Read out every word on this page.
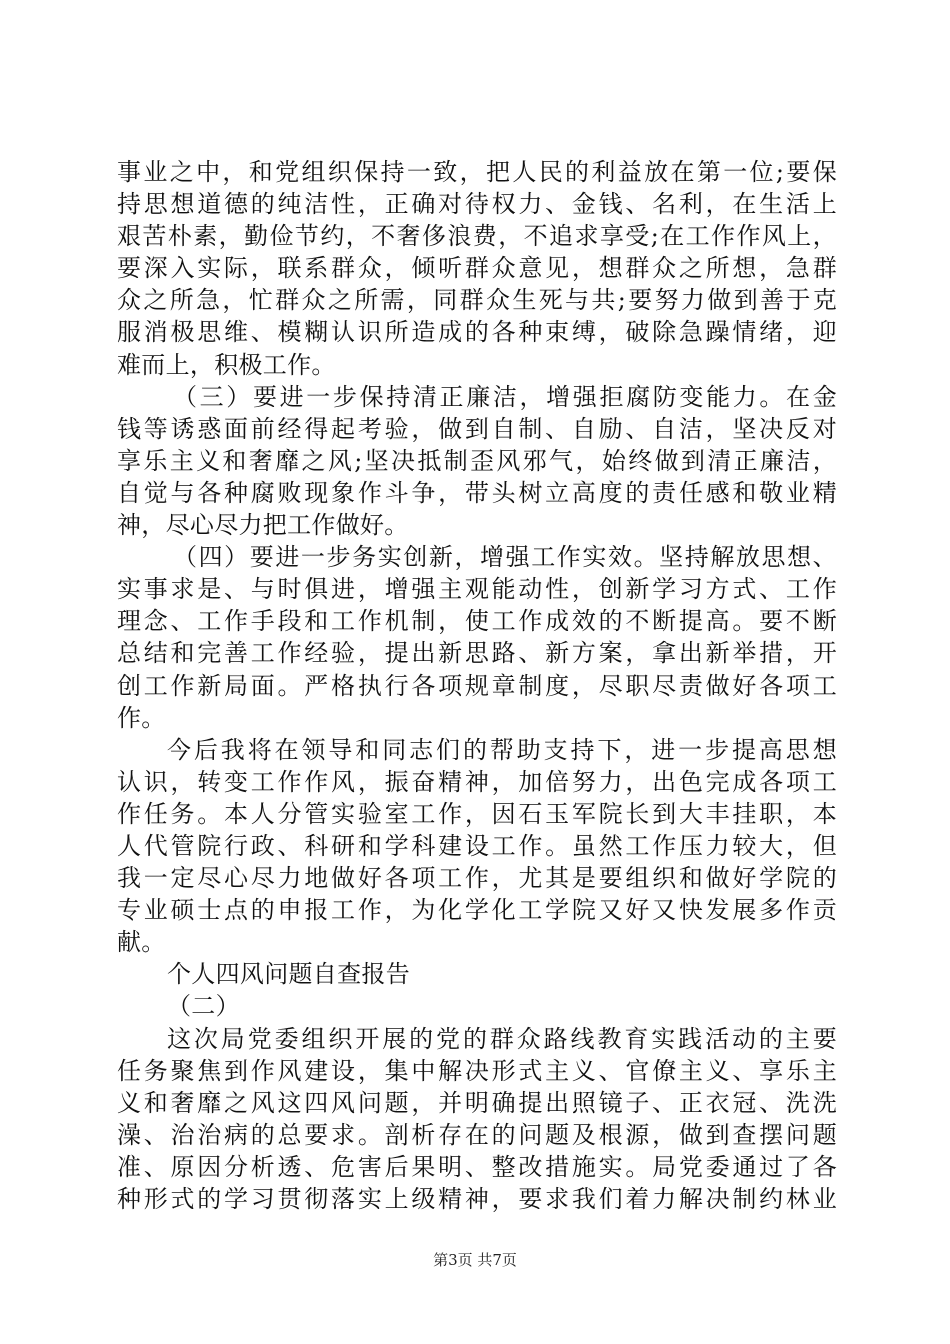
事业之中，和党组织保持一致，把人民的利益放在第一位;要保
持思想道德的纯洁性，正确对待权力、金钱、名利，在生活上
艰苦朴素，勤俭节约，不奢侈浪费，不追求享受;在工作作风上，
要深入实际，联系群众，倾听群众意见，想群众之所想，急群
众之所急，忙群众之所需，同群众生死与共;要努力做到善于克
服消极思维、模糊认识所造成的各种束缚，破除急躁情绪，迎
难而上，积极工作。
（三）要进一步保持清正廉洁，增强拒腐防变能力。在金
钱等诱惑面前经得起考验，做到自制、自励、自洁，坚决反对
享乐主义和奢靡之风;坚决抵制歪风邪气，始终做到清正廉洁，
自觉与各种腐败现象作斗争，带头树立高度的责任感和敬业精
神，尽心尽力把工作做好。
（四）要进一步务实创新，增强工作实效。坚持解放思想、
实事求是、与时俱进，增强主观能动性，创新学习方式、工作
理念、工作手段和工作机制，使工作成效的不断提高。要不断
总结和完善工作经验，提出新思路、新方案，拿出新举措，开
创工作新局面。严格执行各项规章制度，尽职尽责做好各项工
作。
今后我将在领导和同志们的帮助支持下，进一步提高思想
认识，转变工作作风，振奋精神，加倍努力，出色完成各项工
作任务。本人分管实验室工作，因石玉军院长到大丰挂职，本
人代管院行政、科研和学科建设工作。虽然工作压力较大，但
我一定尽心尽力地做好各项工作，尤其是要组织和做好学院的
专业硕士点的申报工作，为化学化工学院又好又快发展多作贡
献。
个人四风问题自查报告
（二）
这次局党委组织开展的党的群众路线教育实践活动的主要
任务聚焦到作风建设，集中解决形式主义、官僚主义、享乐主
义和奢靡之风这四风问题，并明确提出照镜子、正衣冠、洗洗
澡、治治病的总要求。剖析存在的问题及根源，做到查摆问题
准、原因分析透、危害后果明、整改措施实。局党委通过了各
种形式的学习贯彻落实上级精神，要求我们着力解决制约林业
第3页 共7页
